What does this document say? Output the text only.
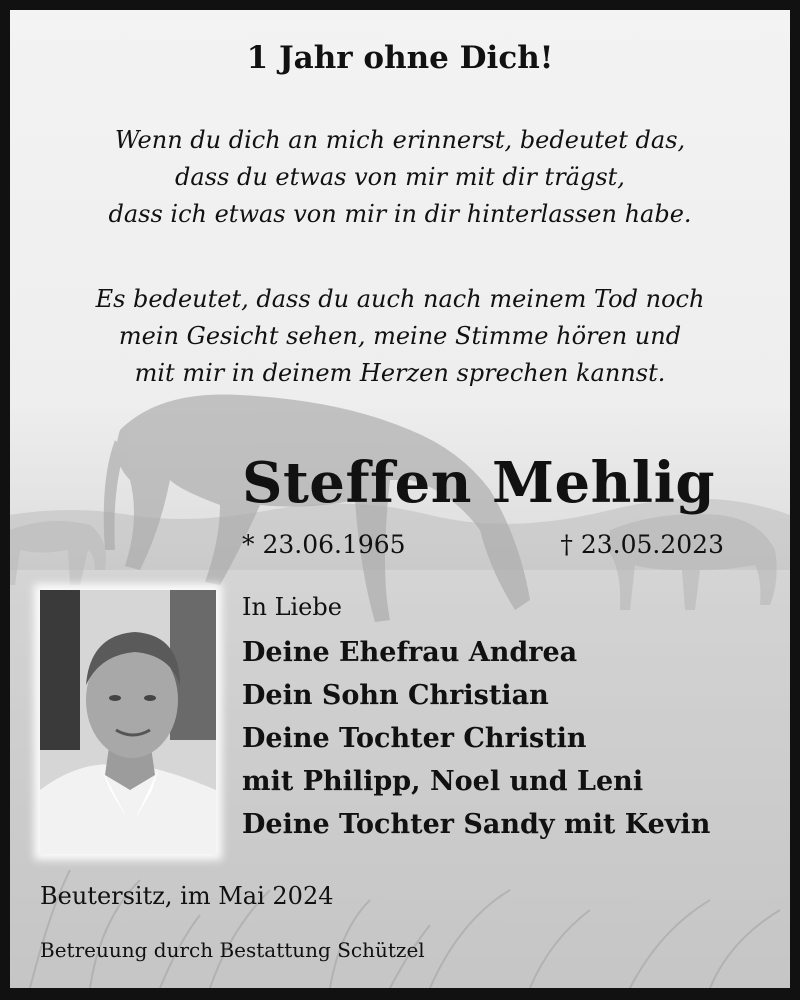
1 Jahr ohne Dich!
Wenn du dich an mich erinnerst, bedeutet das,
dass du etwas von mir mit dir trägst,
dass ich etwas von mir in dir hinterlassen habe.
Es bedeutet, dass du auch nach meinem Tod noch
mein Gesicht sehen, meine Stimme hören und
mit mir in deinem Herzen sprechen kannst.
Steffen Mehlig
* 23.06.1965	† 23.05.2023
In Liebe
Deine Ehefrau Andrea
Dein Sohn Christian
Deine Tochter Christin
mit Philipp, Noel und Leni
Deine Tochter Sandy mit Kevin
Beutersitz, im Mai 2024
Betreuung durch Bestattung Schützel
